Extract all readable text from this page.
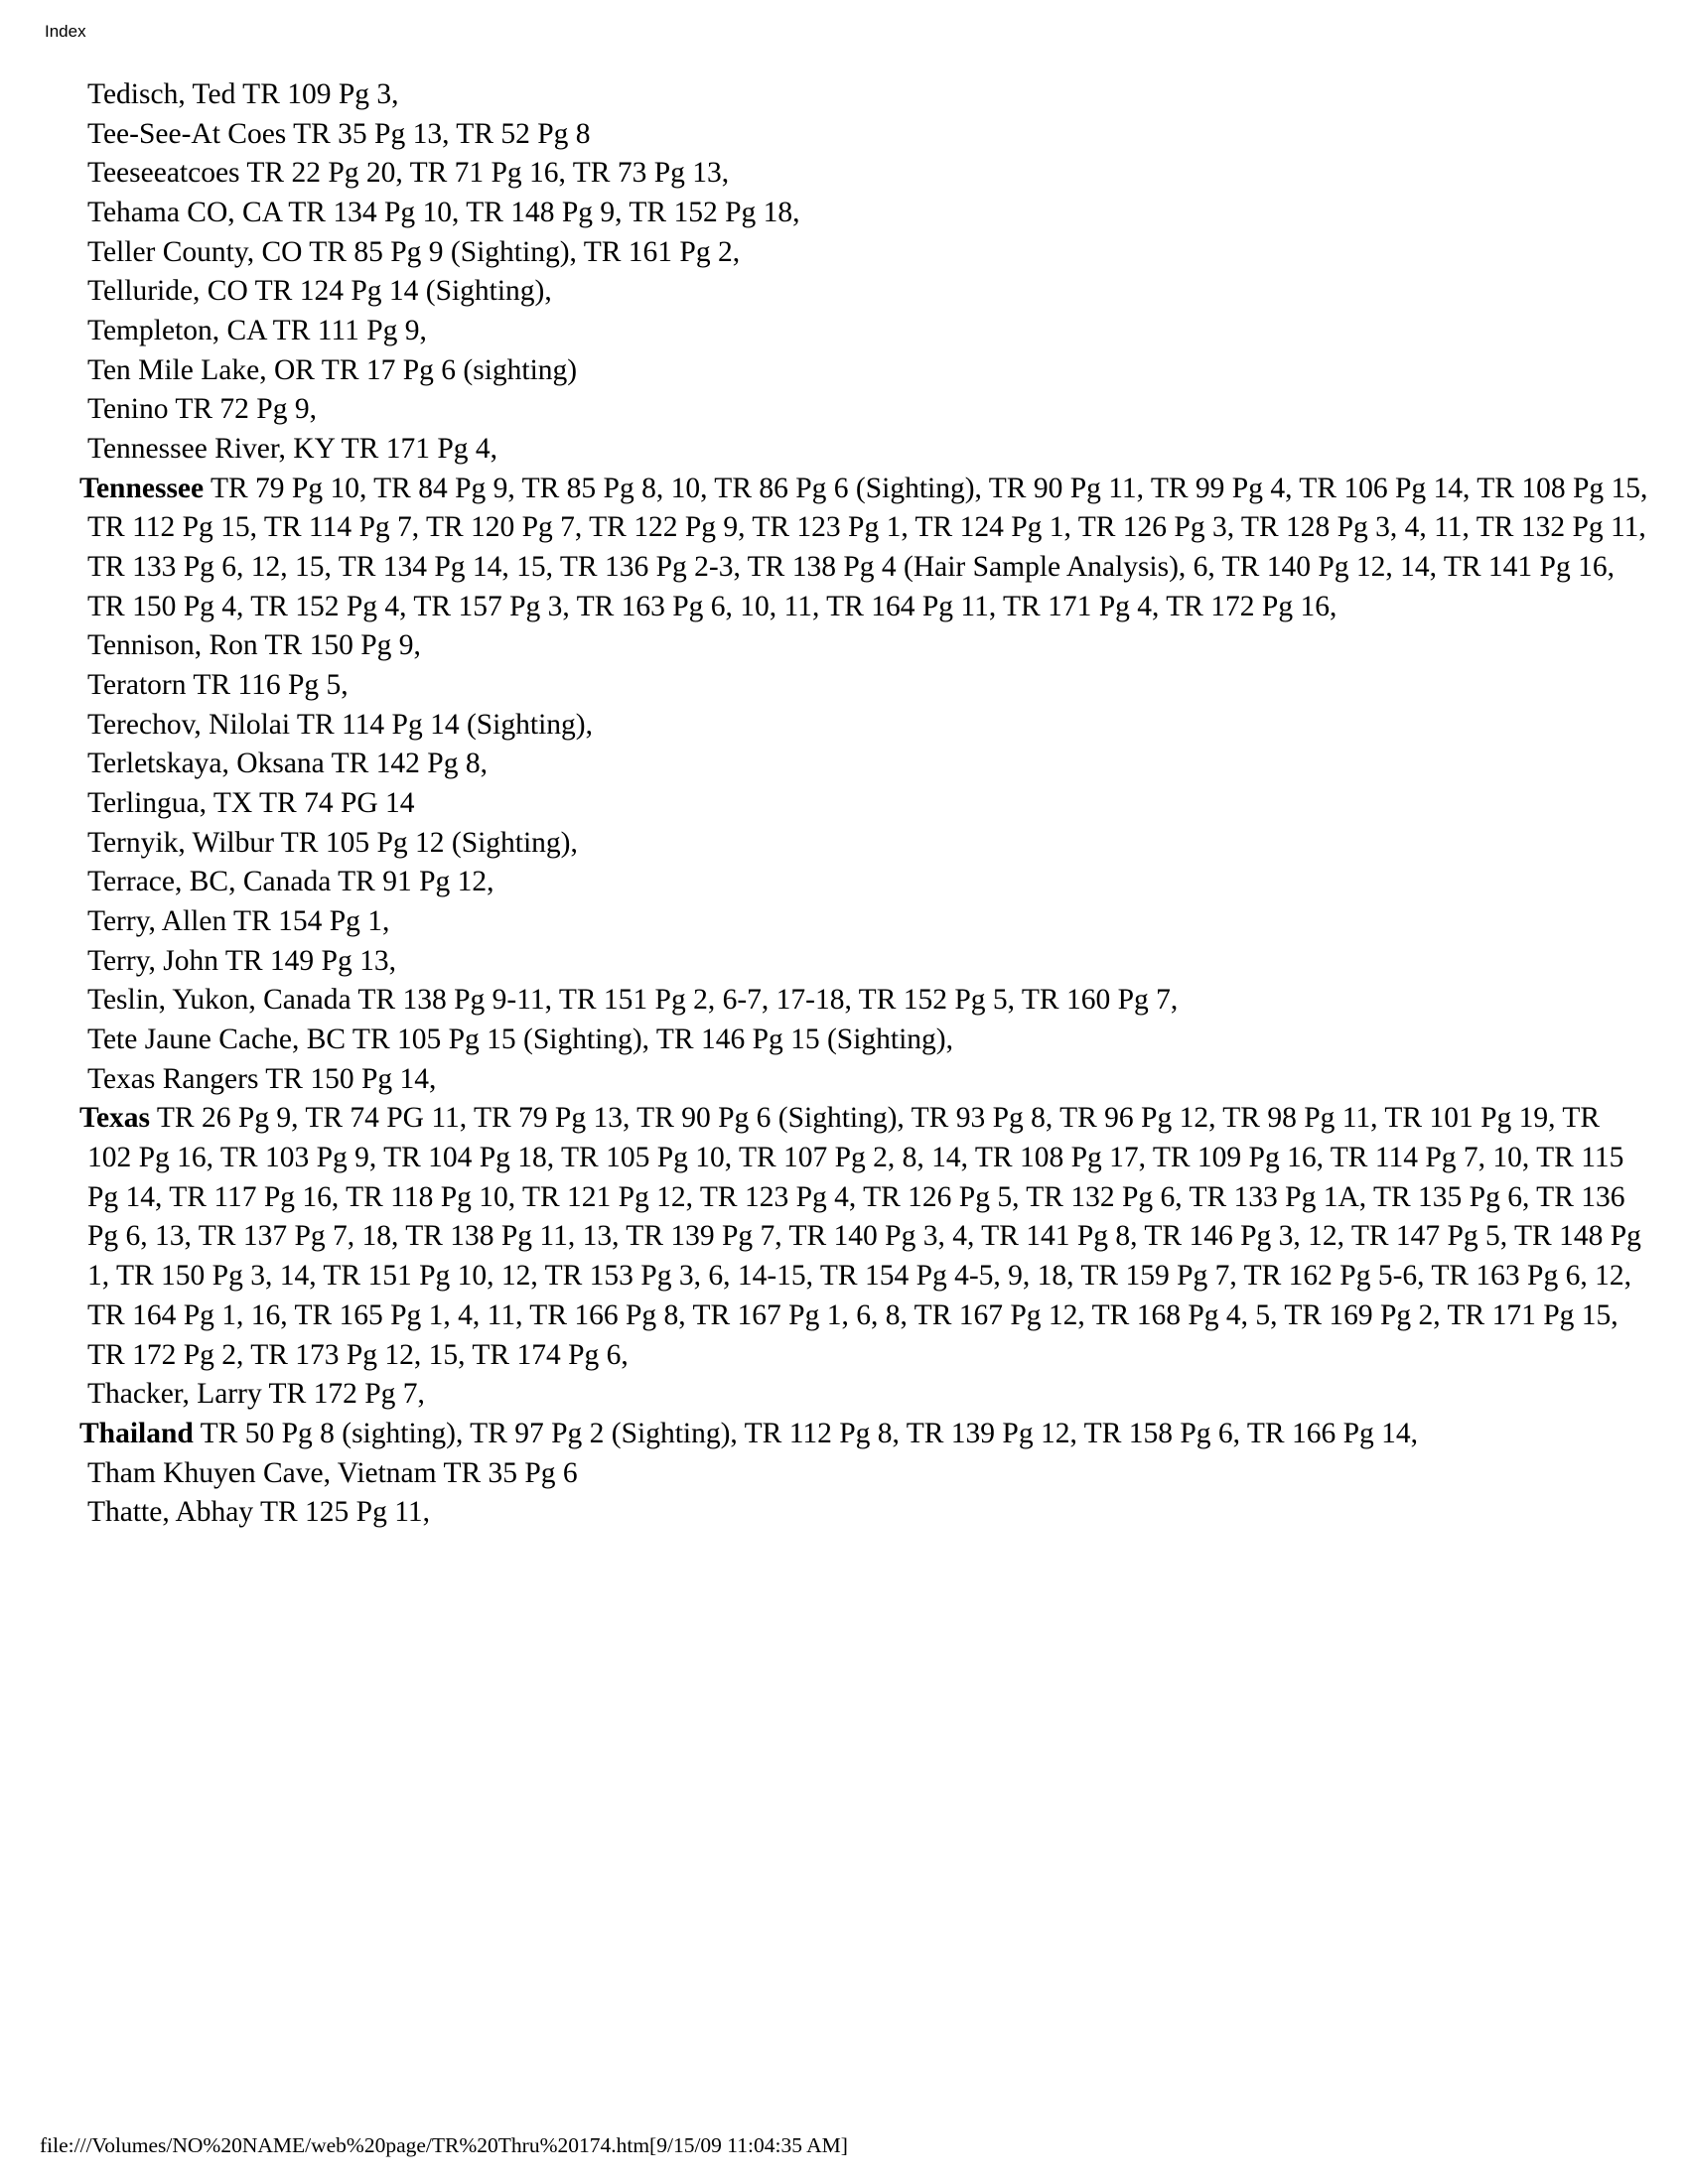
Index

Tedisch, Ted TR 109 Pg 3,

Tee-See-At Coes TR 35 Pg 13, TR 52 Pg 8

Teeseeatcoes TR 22 Pg 20, TR 71 Pg 16, TR 73 Pg 13,

Tehama CO, CA TR 134 Pg 10, TR 148 Pg 9, TR 152 Pg 18,

Teller County, CO TR 85 Pg 9 (Sighting), TR 161 Pg 2,

Telluride, CO TR 124 Pg 14 (Sighting),

Templeton, CA TR 111 Pg 9,

Ten Mile Lake, OR TR 17 Pg 6 (sighting)

Tenino TR 72 Pg 9,

Tennessee River, KY TR 171 Pg 4,

Tennessee TR 79 Pg 10, TR 84 Pg 9, TR 85 Pg 8, 10, TR 86 Pg 6 (Sighting), TR 90 Pg 11, TR 99 Pg 4, TR 106 Pg 14, TR 108 Pg 15, TR 112 Pg 15, TR 114 Pg 7, TR 120 Pg 7, TR 122 Pg 9, TR 123 Pg 1, TR 124 Pg 1, TR 126 Pg 3, TR 128 Pg 3, 4, 11, TR 132 Pg 11, TR 133 Pg 6, 12, 15, TR 134 Pg 14, 15, TR 136 Pg 2-3, TR 138 Pg 4 (Hair Sample Analysis), 6, TR 140 Pg 12, 14, TR 141 Pg 16, TR 150 Pg 4, TR 152 Pg 4, TR 157 Pg 3, TR 163 Pg 6, 10, 11, TR 164 Pg 11, TR 171 Pg 4, TR 172 Pg 16,

Tennison, Ron TR 150 Pg 9,

Teratorn TR 116 Pg 5,

Terechov, Nilolai TR 114 Pg 14 (Sighting),

Terletskaya, Oksana TR 142 Pg 8,

Terlingua, TX TR 74 PG 14

Ternyik, Wilbur TR 105 Pg 12 (Sighting),

Terrace, BC, Canada TR 91 Pg 12,

Terry, Allen TR 154 Pg 1,

Terry, John TR 149 Pg 13,

Teslin, Yukon, Canada TR 138 Pg 9-11, TR 151 Pg 2, 6-7, 17-18, TR 152 Pg 5, TR 160 Pg 7,

Tete Jaune Cache, BC TR 105 Pg 15 (Sighting), TR 146 Pg 15 (Sighting),

Texas Rangers TR 150 Pg 14,

Texas TR 26 Pg 9, TR 74 PG 11, TR 79 Pg 13, TR 90 Pg 6 (Sighting), TR 93 Pg 8, TR 96 Pg 12, TR 98 Pg 11, TR 101 Pg 19, TR 102 Pg 16, TR 103 Pg 9, TR 104 Pg 18, TR 105 Pg 10, TR 107 Pg 2, 8, 14, TR 108 Pg 17, TR 109 Pg 16, TR 114 Pg 7, 10, TR 115 Pg 14, TR 117 Pg 16, TR 118 Pg 10, TR 121 Pg 12, TR 123 Pg 4, TR 126 Pg 5, TR 132 Pg 6, TR 133 Pg 1A, TR 135 Pg 6, TR 136 Pg 6, 13, TR 137 Pg 7, 18, TR 138 Pg 11, 13, TR 139 Pg 7, TR 140 Pg 3, 4, TR 141 Pg 8, TR 146 Pg 3, 12, TR 147 Pg 5, TR 148 Pg 1, TR 150 Pg 3, 14, TR 151 Pg 10, 12, TR 153 Pg 3, 6, 14-15, TR 154 Pg 4-5, 9, 18, TR 159 Pg 7, TR 162 Pg 5-6, TR 163 Pg 6, 12, TR 164 Pg 1, 16, TR 165 Pg 1, 4, 11, TR 166 Pg 8, TR 167 Pg 1, 6, 8, TR 167 Pg 12, TR 168 Pg 4, 5, TR 169 Pg 2, TR 171 Pg 15, TR 172 Pg 2, TR 173 Pg 12, 15, TR 174 Pg 6,

Thacker, Larry TR 172 Pg 7,

Thailand TR 50 Pg 8 (sighting), TR 97 Pg 2 (Sighting), TR 112 Pg 8, TR 139 Pg 12, TR 158 Pg 6, TR 166 Pg 14,

Tham Khuyen Cave, Vietnam TR 35 Pg 6

Thatte, Abhay TR 125 Pg 11,

file:///Volumes/NO%20NAME/web%20page/TR%20Thru%20174.htm[9/15/09 11:04:35 AM]
